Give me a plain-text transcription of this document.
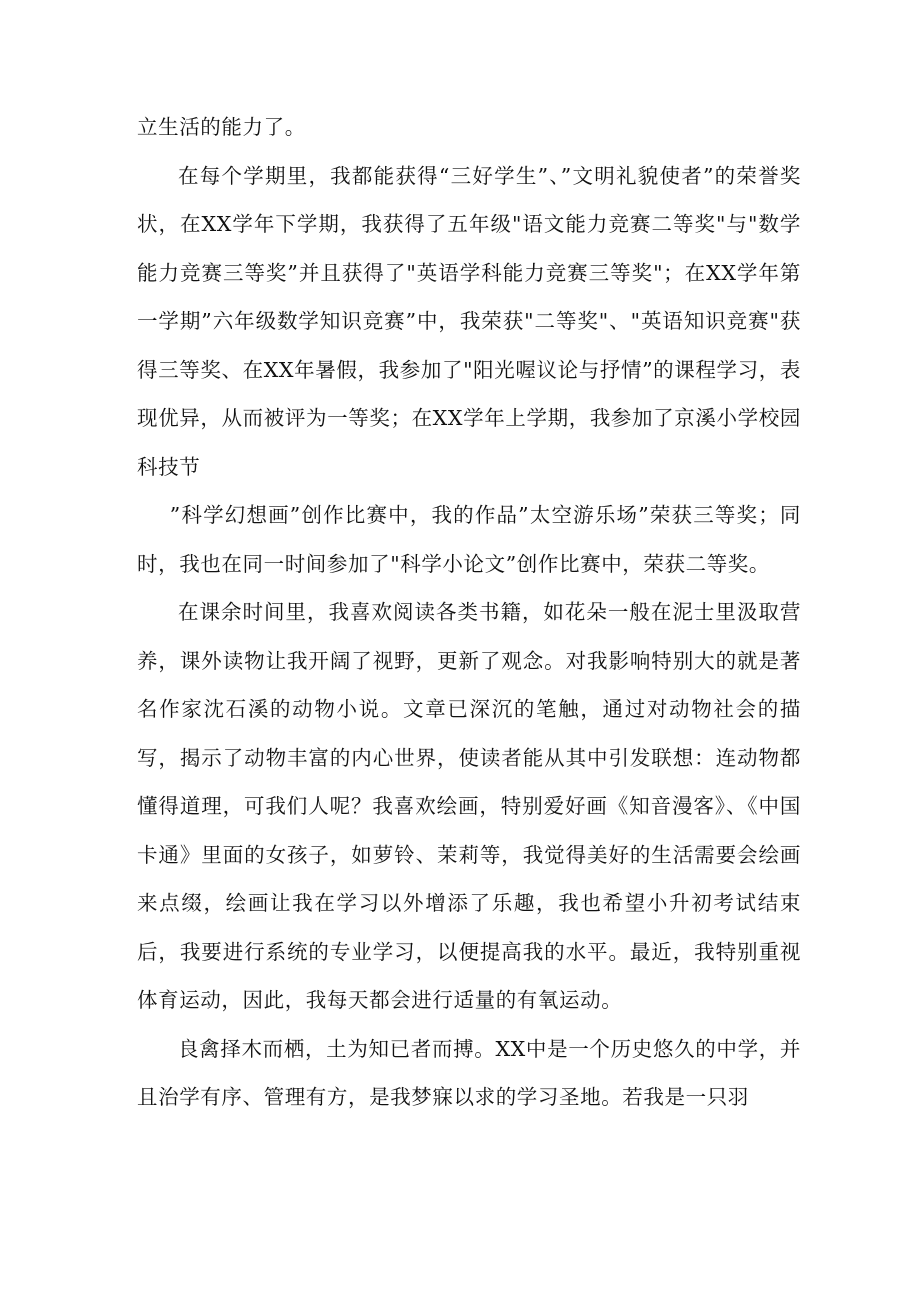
立生活的能力了。

在每个学期里，我都能获得“三好学生”、”文明礼貌使者”的荣誉奖状，在XX学年下学期，我获得了五年级"语文能力竞赛二等奖"与"数学能力竞赛三等奖”并且获得了"英语学科能力竞赛三等奖"；在XX学年第一学期”六年级数学知识竞赛”中，我荣获"二等奖"、"英语知识竞赛"获得三等奖、在XX年暑假，我参加了"阳光喔议论与抒情”的课程学习，表现优异，从而被评为一等奖；在XX学年上学期，我参加了京溪小学校园科技节

”科学幻想画”创作比赛中，我的作品”太空游乐场”荣获三等奖；同时，我也在同一时间参加了"科学小论文”创作比赛中，荣获二等奖。

在课余时间里，我喜欢阅读各类书籍，如花朵一般在泥士里汲取营养，课外读物让我开阔了视野，更新了观念。对我影响特别大的就是著名作家沈石溪的动物小说。文章已深沉的笔触，通过对动物社会的描写，揭示了动物丰富的内心世界，使读者能从其中引发联想：连动物都懂得道理，可我们人呢？我喜欢绘画，特别爱好画《知音漫客》、《中国卡通》里面的女孩子，如萝铃、茉莉等，我觉得美好的生活需要会绘画来点缀，绘画让我在学习以外增添了乐趣，我也希望小升初考试结束后，我要进行系统的专业学习，以便提高我的水平。最近，我特别重视体育运动，因此，我每天都会进行适量的有氧运动。

良禽择木而栖，土为知已者而搏。XX中是一个历史悠久的中学，并且治学有序、管理有方，是我梦寐以求的学习圣地。若我是一只羽
